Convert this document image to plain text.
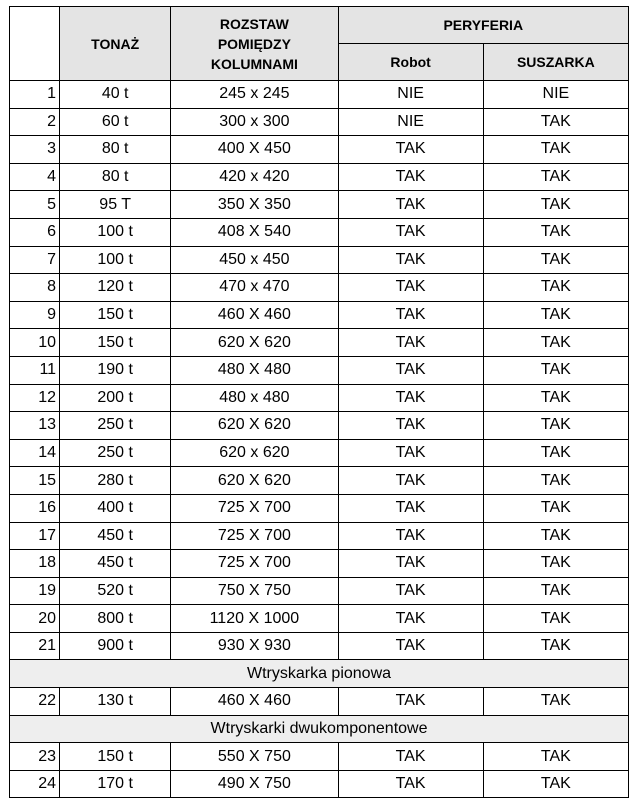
	TONAŻ	ROZSTAW
POMIĘDZY
KOLUMNAMI	PERYFERIA	
			Robot	SUSZARKA
1	40 t	245 x 245	NIE	NIE
2	60 t	300 x 300	NIE	TAK
3	80 t	400 X 450	TAK	TAK
4	80 t	420 x 420	TAK	TAK
5	95 T	350 X 350	TAK	TAK
6	100 t	408 X 540	TAK	TAK
7	100 t	450 x 450	TAK	TAK
8	120 t	470 x 470	TAK	TAK
9	150 t	460 X 460	TAK	TAK
10	150 t	620 X 620	TAK	TAK
11	190 t	480 X 480	TAK	TAK
12	200 t	480 x 480	TAK	TAK
13	250 t	620 X 620	TAK	TAK
14	250 t	620 x 620	TAK	TAK
15	280 t	620 X 620	TAK	TAK
16	400 t	725 X 700	TAK	TAK
17	450 t	725 X 700	TAK	TAK
18	450 t	725 X 700	TAK	TAK
19	520 t	750 X 750	TAK	TAK
20	800 t	1120 X 1000	TAK	TAK
21	900 t	930 X 930	TAK	TAK
Wtryskarka pionowa				
22	130 t	460 X 460	TAK	TAK
Wtryskarki dwukomponentowe				
23	150 t	550 X 750	TAK	TAK
24	170 t	490 X 750	TAK	TAK
